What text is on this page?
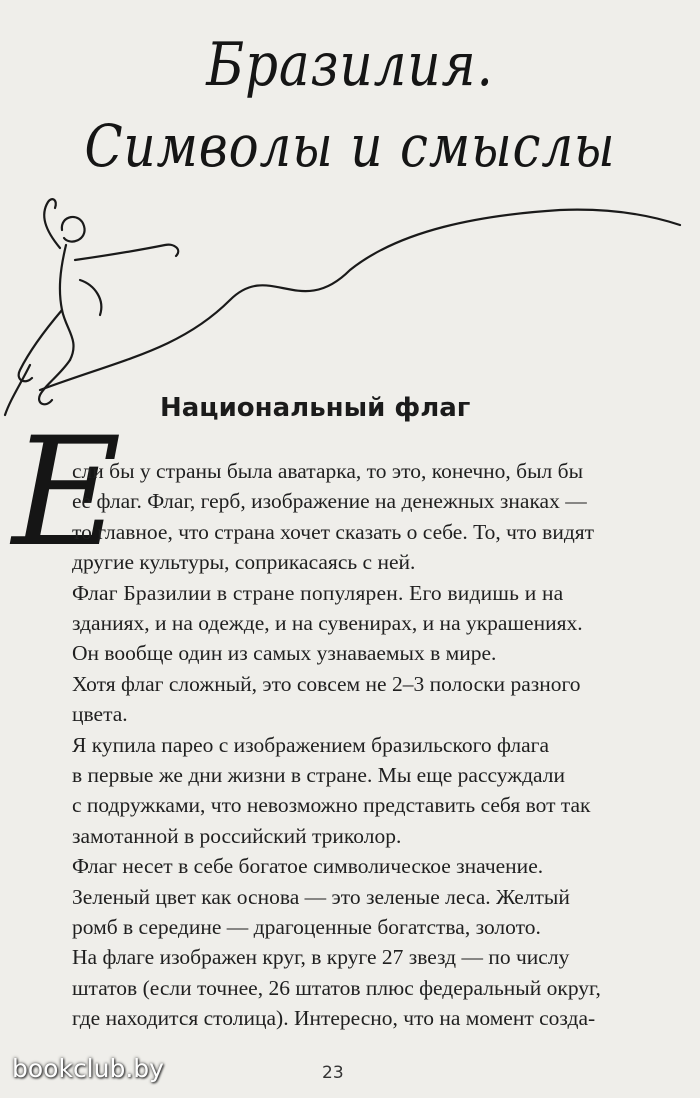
Бразилия.
Символы и смыслы
Национальный флаг
Е
сли бы у страны была аватарка, то это, конечно, был бы
ее флаг. Флаг, герб, изображение на денежных знаках —
то главное, что страна хочет сказать о себе. То, что видят
другие культуры, соприкасаясь с ней.
Флаг Бразилии в стране популярен. Его видишь и на
зданиях, и на одежде, и на сувенирах, и на украшениях.
Он вообще один из самых узнаваемых в мире.
Хотя флаг сложный, это совсем не 2–3 полоски разного
цвета.
Я купила парео с изображением бразильского флага
в первые же дни жизни в стране. Мы еще рассуждали
с подружками, что невозможно представить себя вот так
замотанной в российский триколор.
Флаг несет в себе богатое символическое значение.
Зеленый цвет как основа — это зеленые леса. Желтый
ромб в середине — драгоценные богатства, золото.
На флаге изображен круг, в круге 27 звезд — по числу
штатов (если точнее, 26 штатов плюс федеральный округ,
где находится столица). Интересно, что на момент созда-
bookclub.by	23
